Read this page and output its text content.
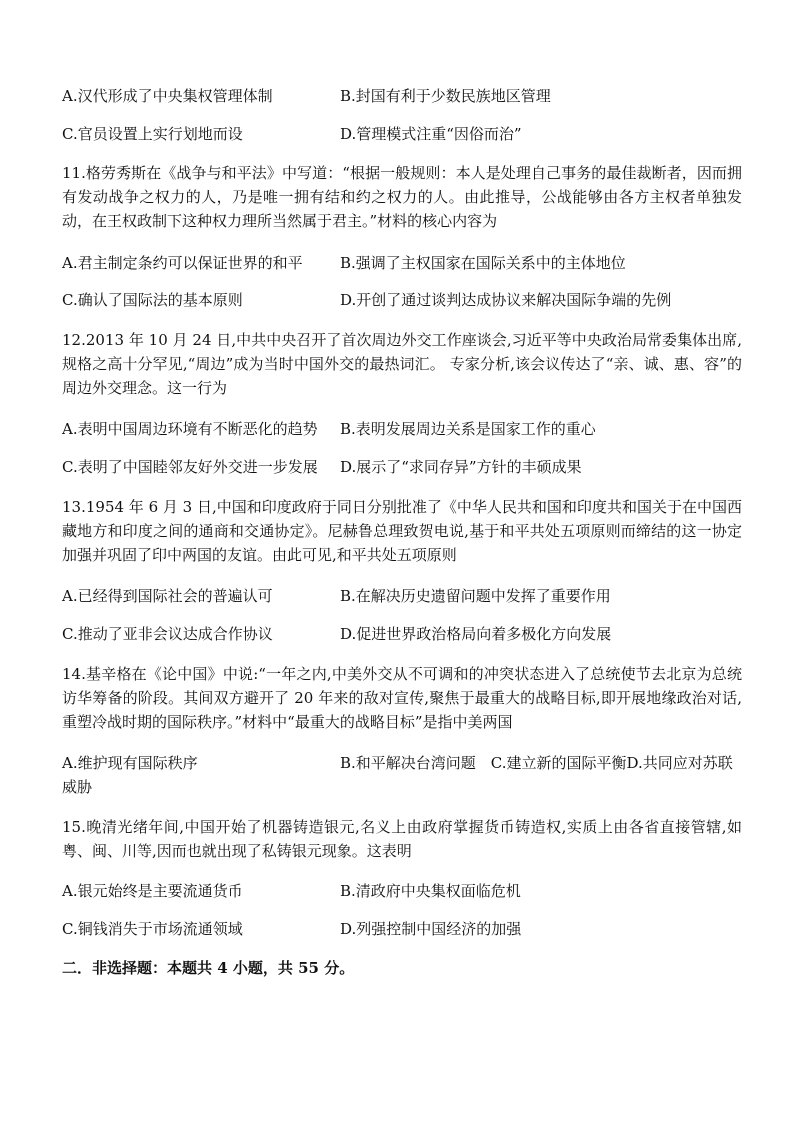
A.汉代形成了中央集权管理体制	B.封国有利于少数民族地区管理
C.官员设置上实行划地而设	D.管理模式注重“因俗而治”
11.格劳秀斯在《战争与和平法》中写道：“根据一般规则：本人是处理自己事务的最佳裁断者，因而拥有发动战争之权力的人，乃是唯一拥有结和约之权力的人。由此推导，公战能够由各方主权者单独发动，在王权政制下这种权力理所当然属于君主。”材料的核心内容为
A.君主制定条约可以保证世界的和平 B.强调了主权国家在国际关系中的主体地位
C.确认了国际法的基本原则	D.开创了通过谈判达成协议来解决国际争端的先例
12.2013 年 10 月 24 日,中共中央召开了首次周边外交工作座谈会,习近平等中央政治局常委集体出席,规格之高十分罕见,“周边”成为当时中国外交的最热词汇。 专家分析,该会议传达了“亲、诚、惠、容”的周边外交理念。这一行为
A.表明中国周边环境有不断恶化的趋势 B.表明发展周边关系是国家工作的重心
C.表明了中国睦邻友好外交进一步发展 D.展示了“求同存异”方针的丰硕成果
13.1954 年 6 月 3 日,中国和印度政府于同日分别批准了《中华人民共和国和印度共和国关于在中国西藏地方和印度之间的通商和交通协定》。尼赫鲁总理致贺电说,基于和平共处五项原则而缔结的这一协定加强并巩固了印中两国的友谊。由此可见,和平共处五项原则
A.已经得到国际社会的普遍认可	B.在解决历史遗留问题中发挥了重要作用
C.推动了亚非会议达成合作协议	D.促进世界政治格局向着多极化方向发展
14.基辛格在《论中国》中说:“一年之内,中美外交从不可调和的冲突状态进入了总统使节去北京为总统访华筹备的阶段。其间双方避开了 20 年来的敌对宣传,聚焦于最重大的战略目标,即开展地缘政治对话,重塑冷战时期的国际秩序。”材料中“最重大的战略目标”是指中美两国
A.维护现有国际秩序	B.和平解决台湾问题　C.建立新的国际平衡D.共同应对苏联威胁
15.晚清光绪年间,中国开始了机器铸造银元,名义上由政府掌握货币铸造权,实质上由各省直接管辖,如粤、闽、川等,因而也就出现了私铸银元现象。这表明
A.银元始终是主要流通货币	B.清政府中央集权面临危机
C.铜钱消失于市场流通领域	D.列强控制中国经济的加强
二．非选择题：本题共 4 小题，共 55 分。
